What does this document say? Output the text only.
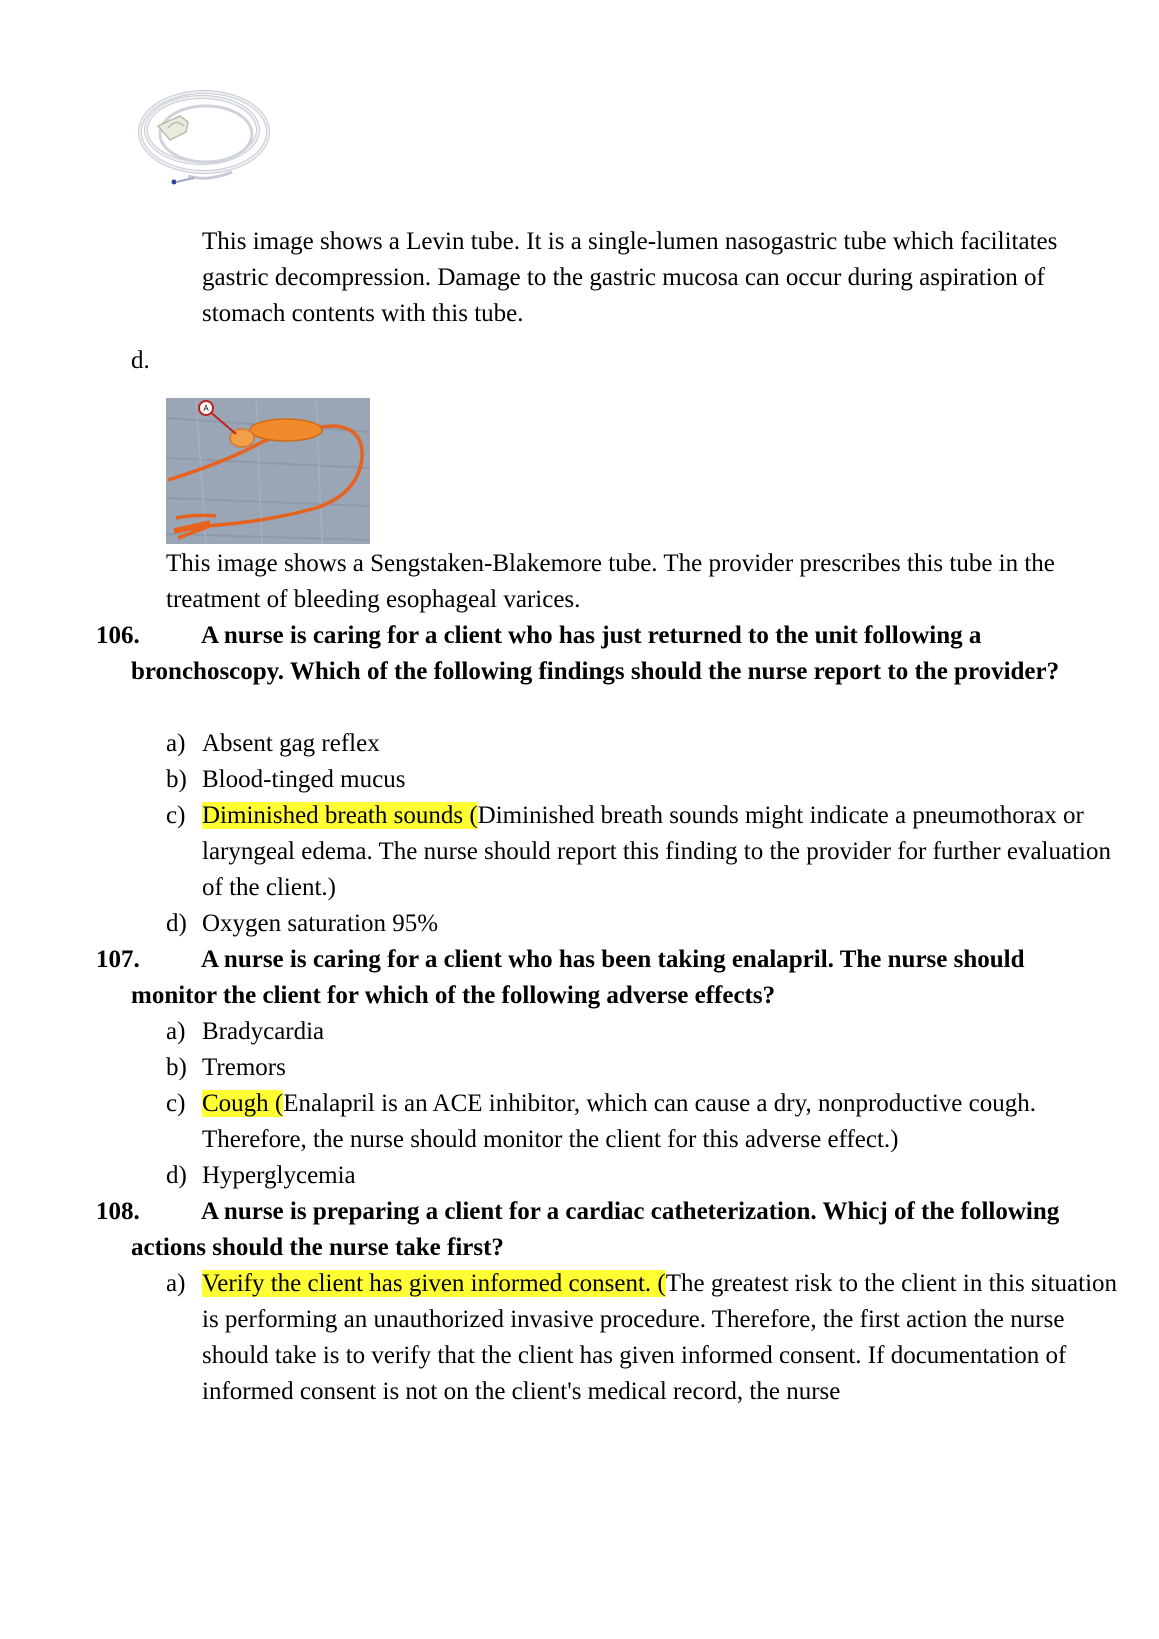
This image shows a Levin tube. It is a single-lumen nasogastric tube which facilitates gastric decompression. Damage to the gastric mucosa can occur during aspiration of stomach contents with this tube.
d.
A
This image shows a Sengstaken-Blakemore tube. The provider prescribes this tube in the treatment of bleeding esophageal varices.
106.	A nurse is caring for a client who has just returned to the unit following a bronchoscopy. Which of the following findings should the nurse report to the provider?
a) Absent gag reflex
b) Blood-tinged mucus
c) Diminished breath sounds (Diminished breath sounds might indicate a pneumothorax or laryngeal edema. The nurse should report this finding to the provider for further evaluation of the client.)
d) Oxygen saturation 95%
107.	A nurse is caring for a client who has been taking enalapril. The nurse should monitor the client for which of the following adverse effects?
a) Bradycardia
b) Tremors
c) Cough (Enalapril is an ACE inhibitor, which can cause a dry, nonproductive cough. Therefore, the nurse should monitor the client for this adverse effect.)
d) Hyperglycemia
108.	A nurse is preparing a client for a cardiac catheterization. Whicj of the following actions should the nurse take first?
a) Verify the client has given informed consent. (The greatest risk to the client in this situation is performing an unauthorized invasive procedure. Therefore, the first action the nurse should take is to verify that the client has given informed consent. If documentation of informed consent is not on the client's medical record, the nurse
